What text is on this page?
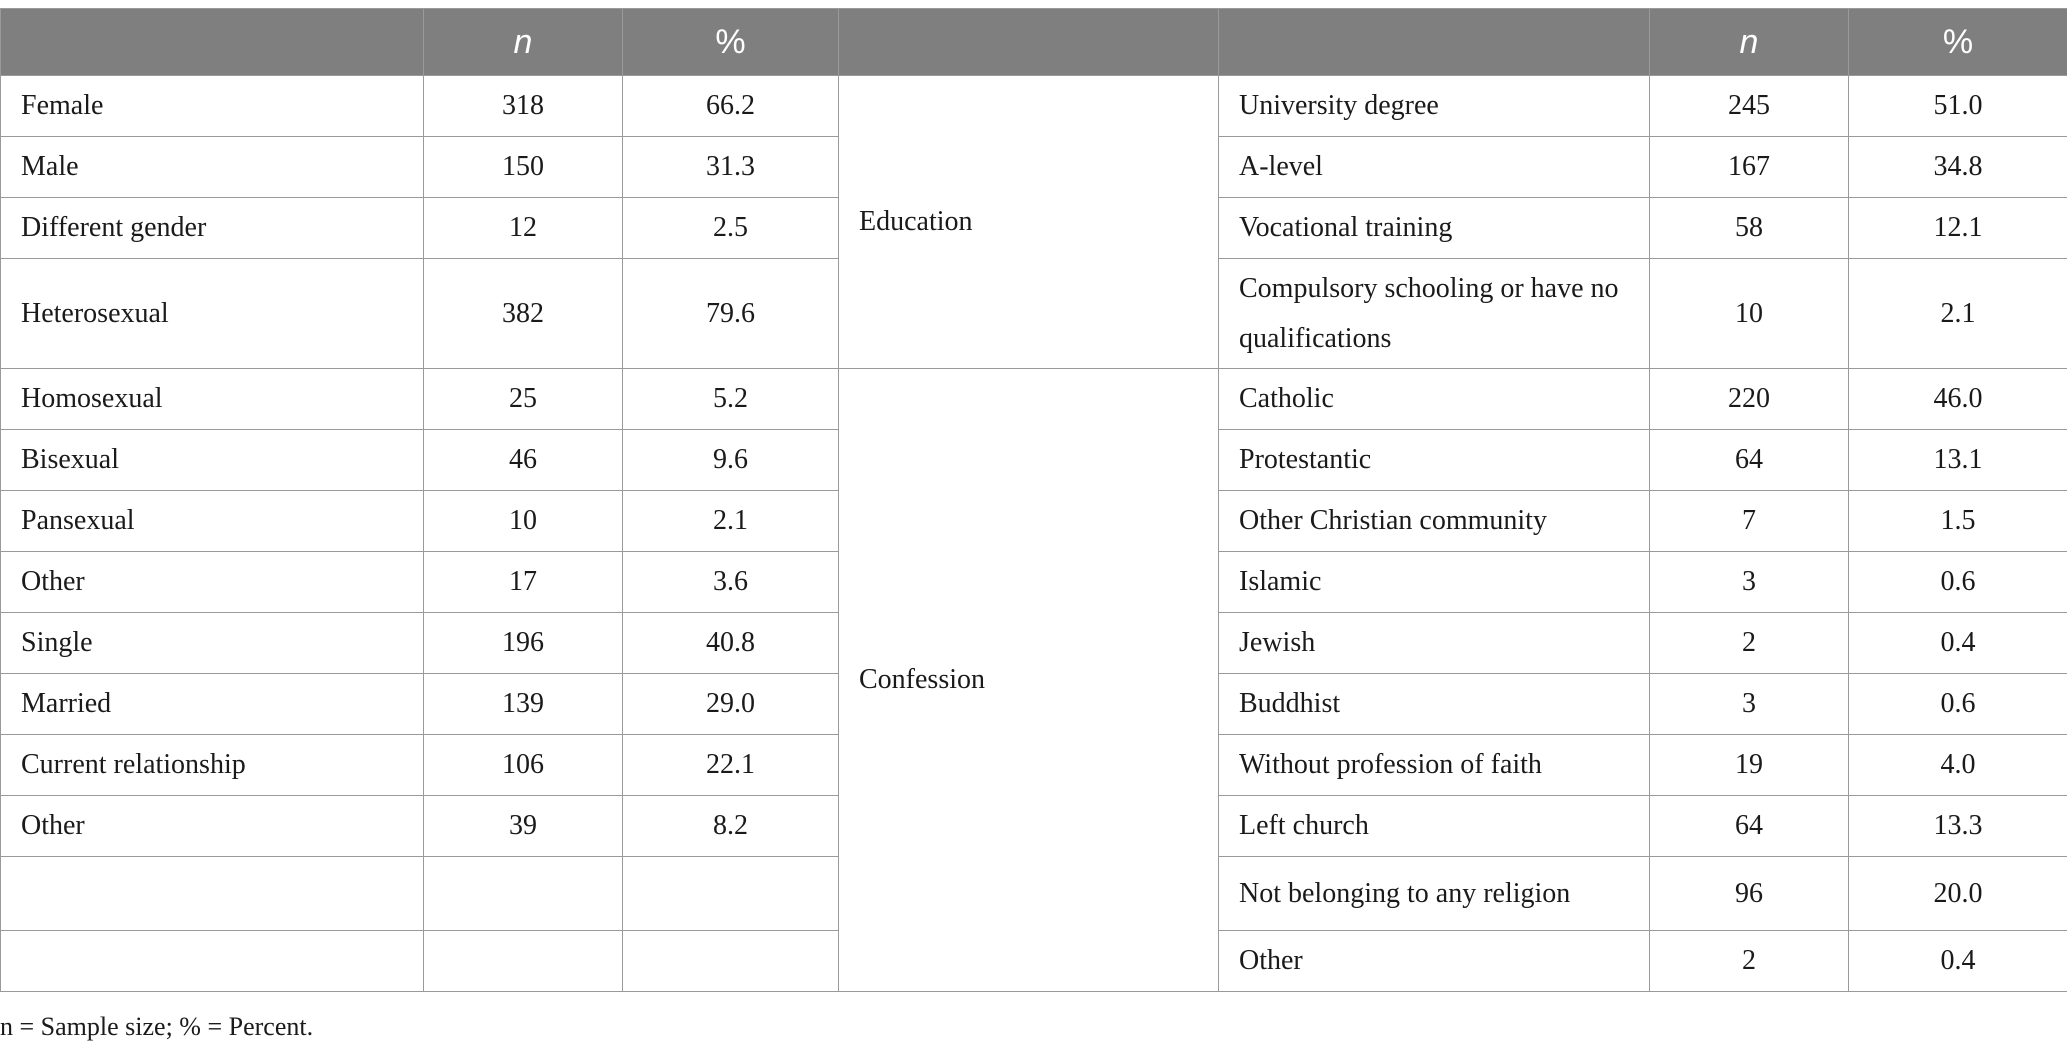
	n	%			n	%
Female	318	66.2	Education	University degree	245	51.0
Male	150	31.3		A-level	167	34.8
Different gender	12	2.5		Vocational training	58	12.1
Heterosexual	382	79.6		Compulsory schooling or have no qualifications	10	2.1
Homosexual	25	5.2	Confession	Catholic	220	46.0
Bisexual	46	9.6		Protestantic	64	13.1
Pansexual	10	2.1		Other Christian community	7	1.5
Other	17	3.6		Islamic	3	0.6
Single	196	40.8		Jewish	2	0.4
Married	139	29.0		Buddhist	3	0.6
Current relationship	106	22.1		Without profession of faith	19	4.0
Other	39	8.2		Left church	64	13.3
				Not belonging to any religion	96	20.0
				Other	2	0.4
n = Sample size; % = Percent.
